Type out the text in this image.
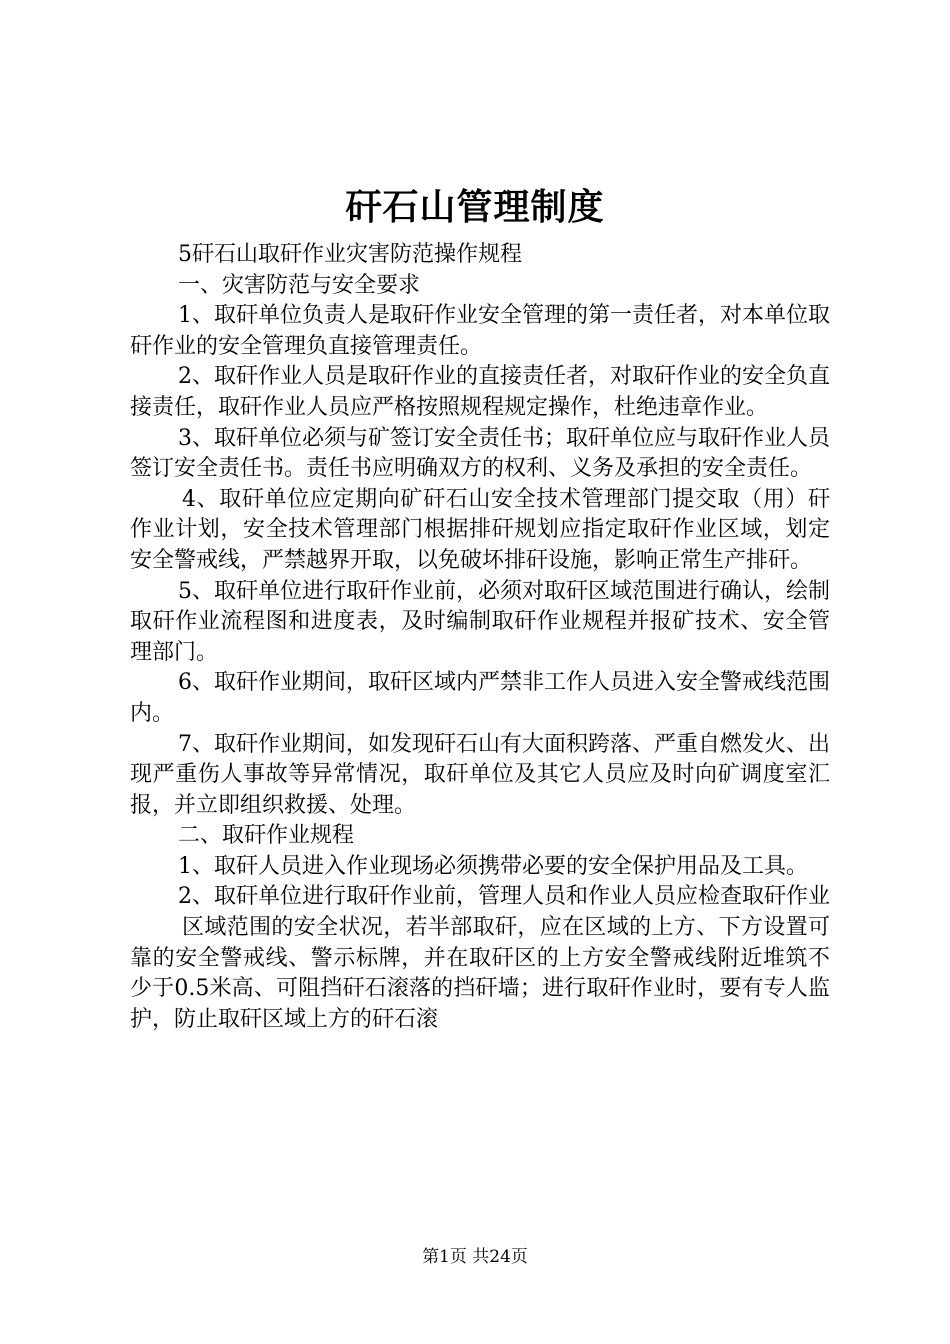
矸石山管理制度

5矸石山取矸作业灾害防范操作规程

一、灾害防范与安全要求

1、取矸单位负责人是取矸作业安全管理的第一责任者，对本单位取矸作业的安全管理负直接管理责任。

2、取矸作业人员是取矸作业的直接责任者，对取矸作业的安全负直接责任，取矸作业人员应严格按照规程规定操作，杜绝违章作业。

3、取矸单位必须与矿签订安全责任书；取矸单位应与取矸作业人员签订安全责任书。责任书应明确双方的权利、义务及承担的安全责任。

4、取矸单位应定期向矿矸石山安全技术管理部门提交取（用）矸作业计划，安全技术管理部门根据排矸规划应指定取矸作业区域，划定安全警戒线，严禁越界开取，以免破坏排矸设施，影响正常生产排矸。

5、取矸单位进行取矸作业前，必须对取矸区域范围进行确认，绘制取矸作业流程图和进度表，及时编制取矸作业规程并报矿技术、安全管理部门。

6、取矸作业期间，取矸区域内严禁非工作人员进入安全警戒线范围内。

7、取矸作业期间，如发现矸石山有大面积跨落、严重自燃发火、出现严重伤人事故等异常情况，取矸单位及其它人员应及时向矿调度室汇报，并立即组织救援、处理。

二、取矸作业规程

1、取矸人员进入作业现场必须携带必要的安全保护用品及工具。

2、取矸单位进行取矸作业前，管理人员和作业人员应检查取矸作业

区域范围的安全状况，若半部取矸，应在区域的上方、下方设置可靠的安全警戒线、警示标牌，并在取矸区的上方安全警戒线附近堆筑不少于0.5米高、可阻挡矸石滚落的挡矸墙；进行取矸作业时，要有专人监护，防止取矸区域上方的矸石滚

第1页 共24页
